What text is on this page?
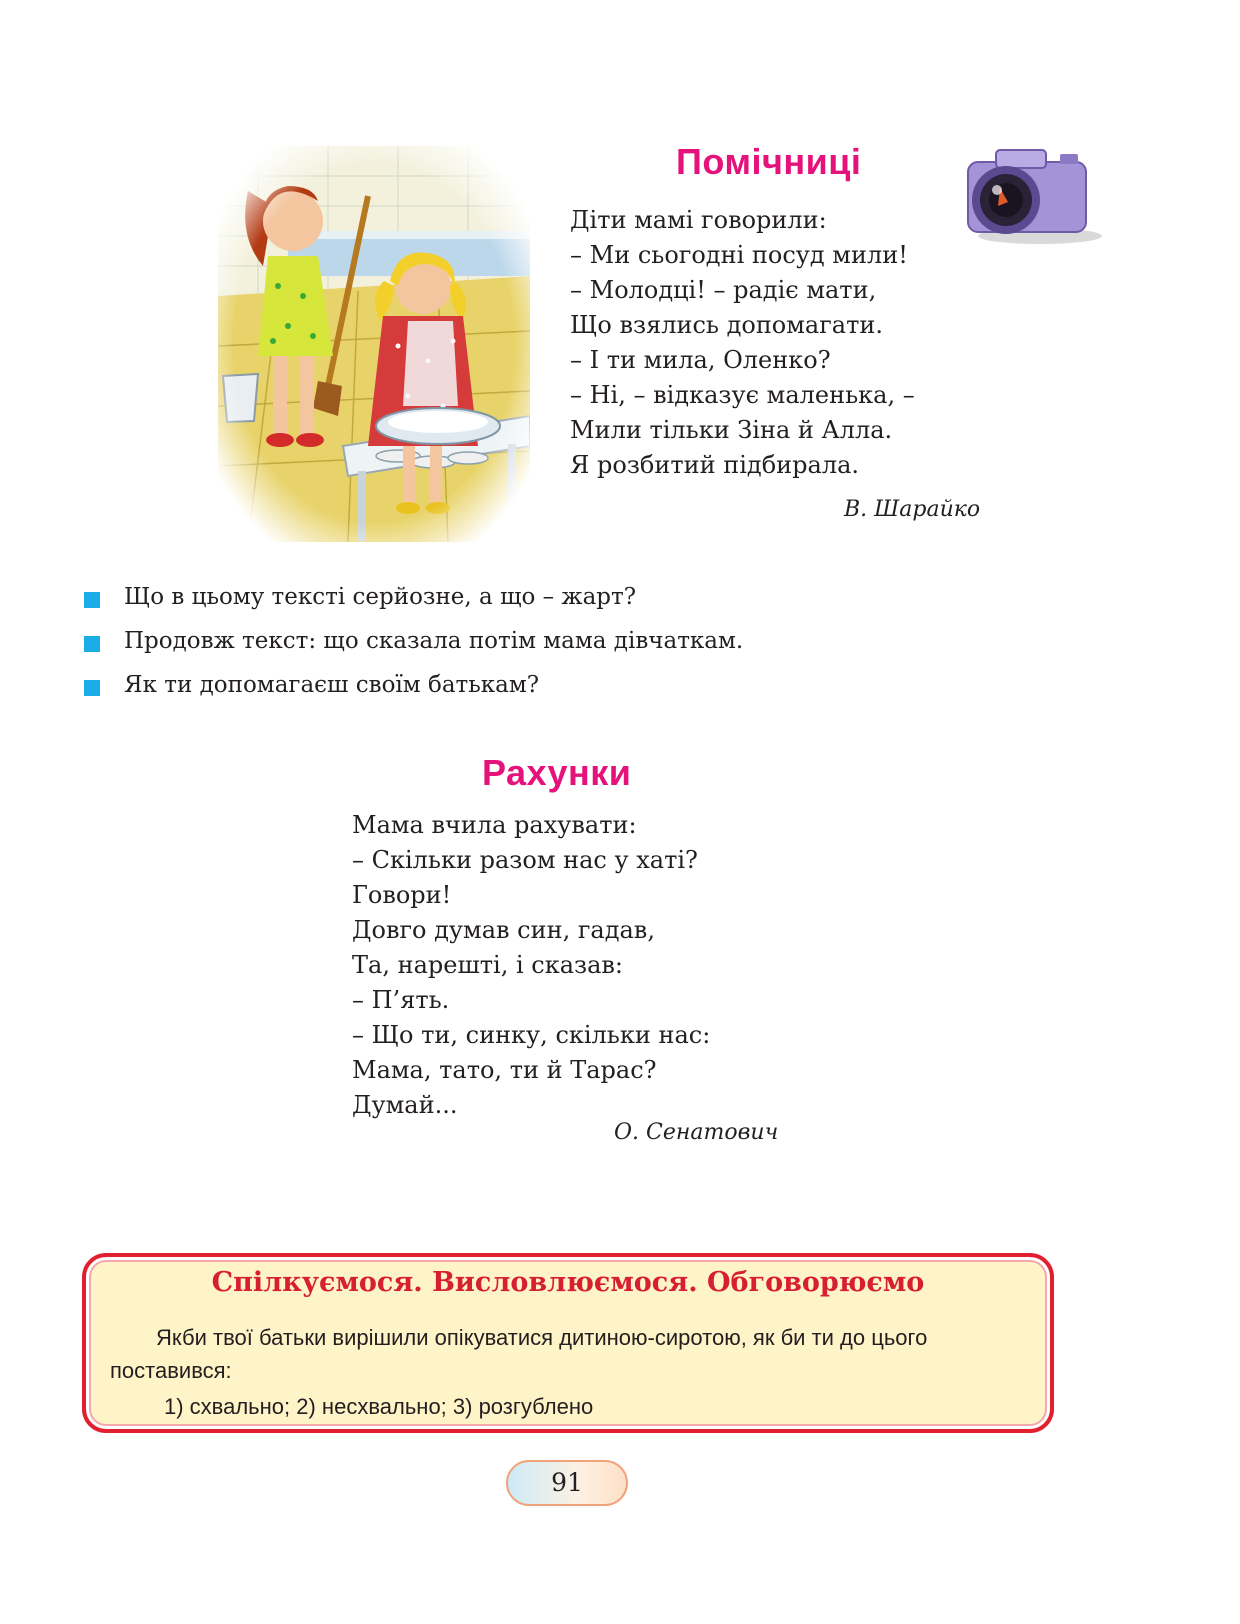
Помічниці
Діти мамі говорили:
– Ми сьогодні посуд мили!
– Молодці! – радіє мати,
Що взялись допомагати.
– І ти мила, Оленко?
– Ні, – відказує маленька, –
Мили тільки Зіна й Алла.
Я розбитий підбирала.
В. Шарайко
Що в цьому тексті серйозне, а що – жарт?
Продовж текст: що сказала потім мама дівчаткам.
Як ти допомагаєш своїм батькам?
Рахунки
Мама вчила рахувати:
– Скільки разом нас у хаті?
Говори!
Довго думав син, гадав,
Та, нарешті, і сказав:
– П’ять.
– Що ти, синку, скільки нас:
Мама, тато, ти й Тарас?
Думай...
О. Сенатович
Спілкуємося. Висловлюємося. Обговорюємо
Якби твої батьки вирішили опікуватися дитиною-сиротою, як би ти до цього поставився:
1) схвально; 2) несхвально; 3) розгублено
91
